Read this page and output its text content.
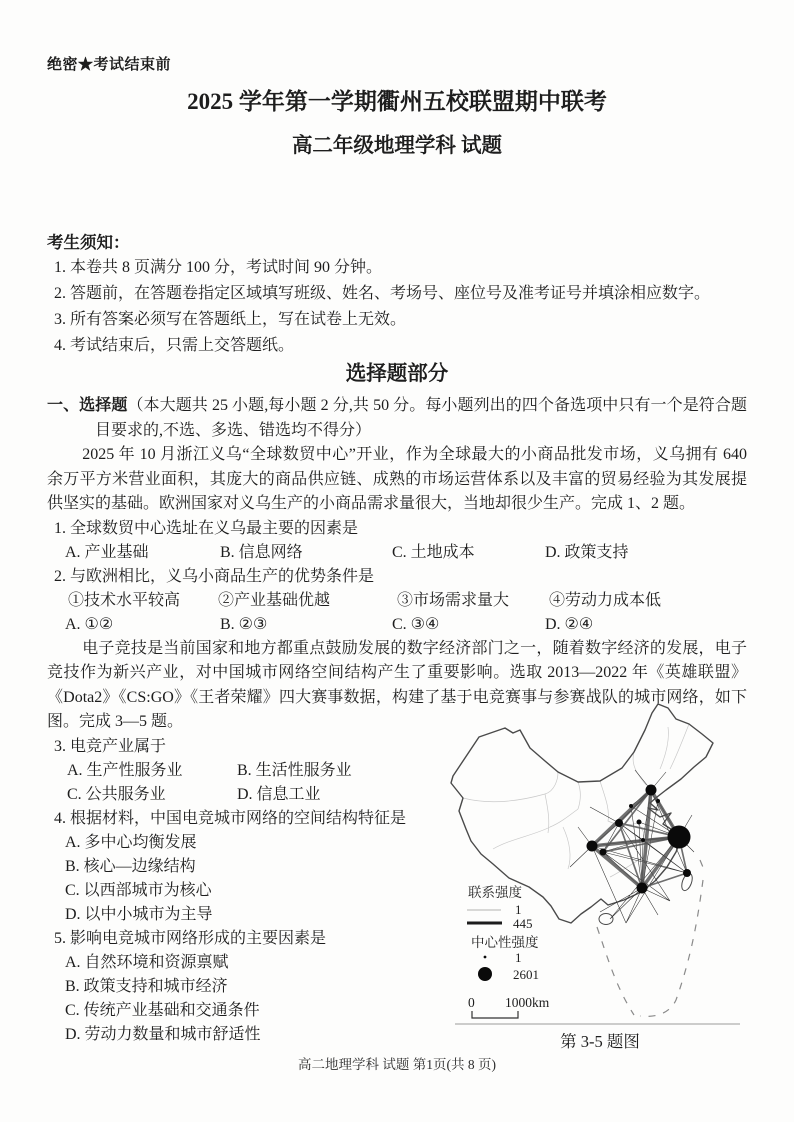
绝密★考试结束前
2025 学年第一学期衢州五校联盟期中联考
高二年级地理学科 试题
考生须知：
1. 本卷共 8 页满分 100 分，考试时间 90 分钟。
2. 答题前，在答题卷指定区域填写班级、姓名、考场号、座位号及准考证号并填涂相应数字。
3. 所有答案必须写在答题纸上，写在试卷上无效。
4. 考试结束后，只需上交答题纸。
选择题部分

一、选择题（本大题共 25 小题,每小题 2 分,共 50 分。每小题列出的四个备选项中只有一个是符合题目要求的,不选、多选、错选均不得分）

2025 年 10 月浙江义乌“全球数贸中心”开业，作为全球最大的小商品批发市场，义乌拥有 640 余万平方米营业面积，其庞大的商品供应链、成熟的市场运营体系以及丰富的贸易经验为其发展提供坚实的基础。欧洲国家对义乌生产的小商品需求量很大，当地却很少生产。完成 1、2 题。

1. 全球数贸中心选址在义乌最主要的因素是
A. 产业基础	B. 信息网络	C. 土地成本	D. 政策支持
2. 与欧洲相比，义乌小商品生产的优势条件是
①技术水平较高	②产业基础优越	③市场需求量大	④劳动力成本低
A. ①②	B. ②③	C. ③④	D. ②④

电子竞技是当前国家和地方都重点鼓励发展的数字经济部门之一，随着数字经济的发展，电子竞技作为新兴产业，对中国城市网络空间结构产生了重要影响。选取 2013—2022 年《英雄联盟》《Dota2》《CS:GO》《王者荣耀》四大赛事数据，构建了基于电竞赛事与参赛战队的城市网络，如下图。完成 3—5 题。

3. 电竞产业属于
A. 生产性服务业	B. 生活性服务业
C. 公共服务业	D. 信息工业
4. 根据材料，中国电竞城市网络的空间结构特征是
A. 多中心均衡发展
B. 核心—边缘结构
C. 以西部城市为核心
D. 以中小城市为主导
5. 影响电竞城市网络形成的主要因素是
A. 自然环境和资源禀赋
B. 政策支持和城市经济
C. 传统产业基础和交通条件
D. 劳动力数量和城市舒适性
联系强度
1
445
中心性强度
1
2601
0 1000km
第 3-5 题图
高二地理学科 试题 第1页(共 8 页)
